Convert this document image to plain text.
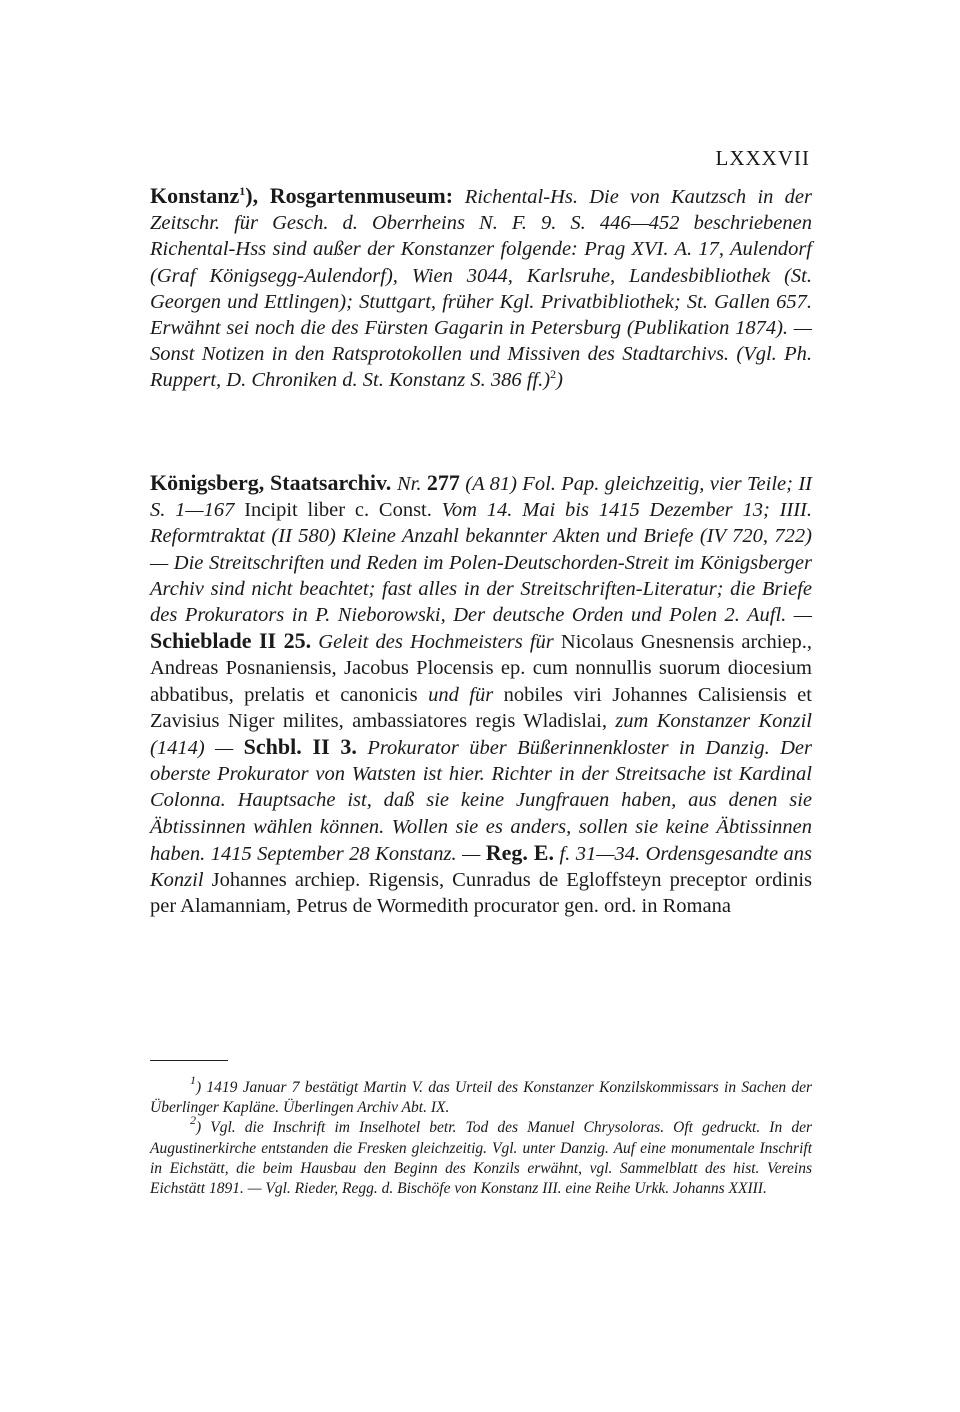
LXXXVII
Konstanz$^1$), Rosgartenmuseum: Richental-Hs. Die von Kautzsch in der Zeitschr. für Gesch. d. Oberrheins N. F. 9. S. 446—452 beschriebenen Richental-Hss sind außer der Konstanzer folgende: Prag XVI. A. 17, Aulendorf (Graf Königsegg-Aulendorf), Wien 3044, Karlsruhe, Landesbibliothek (St. Georgen und Ettlingen); Stuttgart, früher Kgl. Privatbibliothek; St. Gallen 657. Erwähnt sei noch die des Fürsten Gagarin in Petersburg (Publikation 1874). — Sonst Notizen in den Ratsprotokollen und Missiven des Stadtarchivs. (Vgl. Ph. Ruppert, D. Chroniken d. St. Konstanz S. 386 ff.)$^2$)
Königsberg, Staatsarchiv. Nr. 277 (A 81) Fol. Pap. gleichzeitig, vier Teile; II S. 1—167 Incipit liber c. Const. Vom 14. Mai bis 1415 Dezember 13; IIII. Reformtraktat (II 580) Kleine Anzahl bekannter Akten und Briefe (IV 720, 722) — Die Streitschriften und Reden im Polen-Deutschorden-Streit im Königsberger Archiv sind nicht beachtet; fast alles in der Streitschriften-Literatur; die Briefe des Prokurators in P. Nieborowski, Der deutsche Orden und Polen 2. Aufl. — Schieblade II 25. Geleit des Hochmeisters für Nicolaus Gnesnensis archiep., Andreas Posnaniensis, Jacobus Plocensis ep. cum nonnullis suorum diocesium abbatibus, prelatis et canonicis und für nobiles viri Johannes Calisiensis et Zavisius Niger milites, ambassiatores regis Wladislai, zum Konstanzer Konzil (1414) — Schbl. II 3. Prokurator über Büßerinnenkloster in Danzig. Der oberste Prokurator von Watsten ist hier. Richter in der Streitsache ist Kardinal Colonna. Hauptsache ist, daß sie keine Jungfrauen haben, aus denen sie Äbtissinnen wählen können. Wollen sie es anders, sollen sie keine Äbtissinnen haben. 1415 September 28 Konstanz. — Reg. E. f. 31—34. Ordensgesandte ans Konzil Johannes archiep. Rigensis, Cunradus de Egloffsteyn preceptor ordinis per Alamanniam, Petrus de Wormedith procurator gen. ord. in Romana

$^1$) 1419 Januar 7 bestätigt Martin V. das Urteil des Konstanzer Konzilskommissars in Sachen der Überlinger Kapläne. Überlingen Archiv Abt. IX.

$^2$) Vgl. die Inschrift im Inselhotel betr. Tod des Manuel Chrysoloras. Oft gedruckt. In der Augustinerkirche entstanden die Fresken gleichzeitig. Vgl. unter Danzig. Auf eine monumentale Inschrift in Eichstätt, die beim Hausbau den Beginn des Konzils erwähnt, vgl. Sammelblatt des hist. Vereins Eichstätt 1891. — Vgl. Rieder, Regg. d. Bischöfe von Konstanz III. eine Reihe Urkk. Johanns XXIII.
